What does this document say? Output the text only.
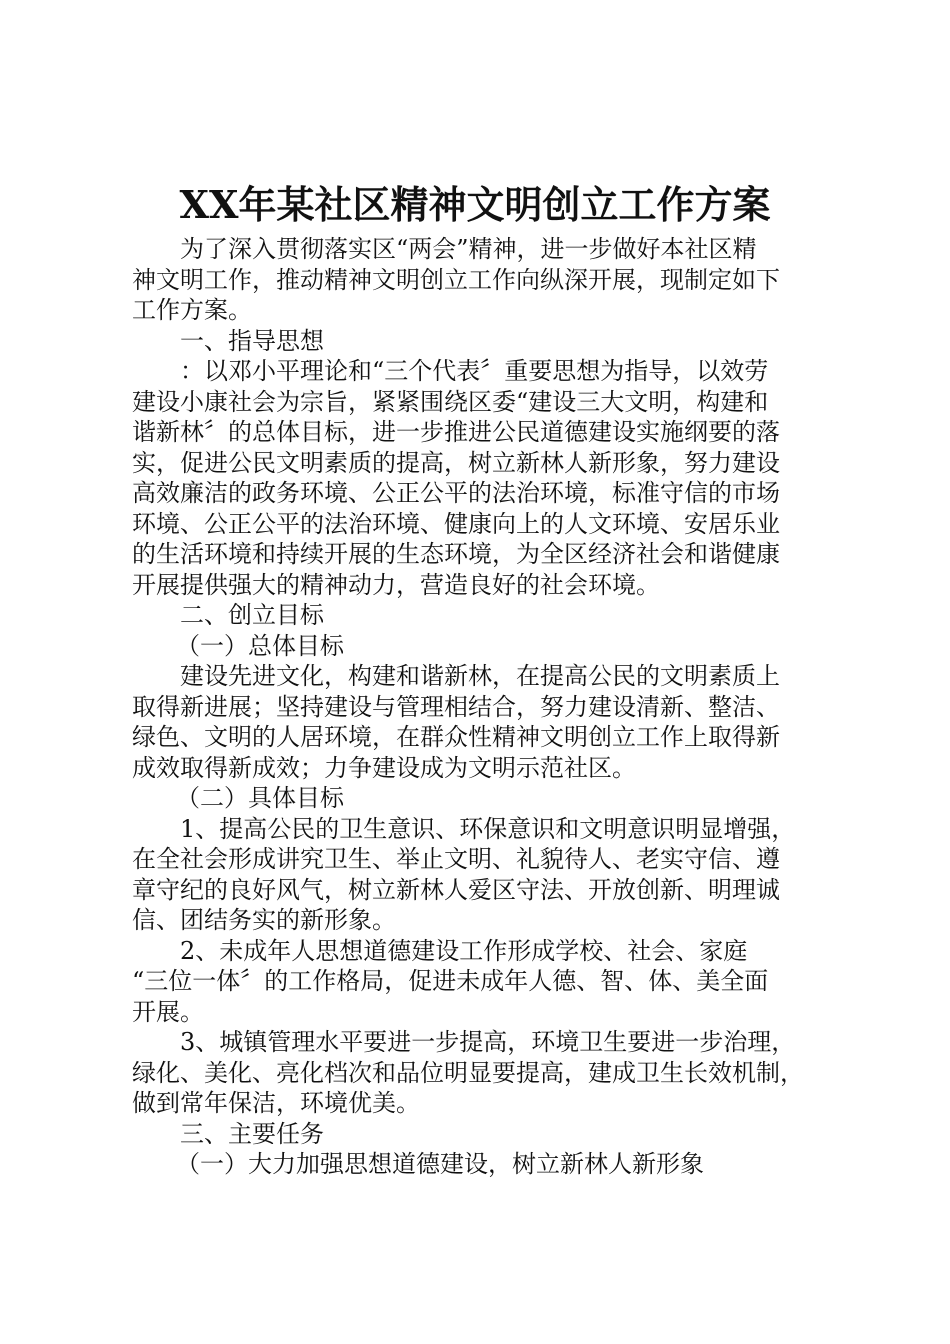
XX年某社区精神文明创立工作方案
为了深入贯彻落实区“两会”精神，进一步做好本社区精
神文明工作，推动精神文明创立工作向纵深开展，现制定如下
工作方案。
一、指导思想
：以邓小平理论和“三个代表〞重要思想为指导，以效劳
建设小康社会为宗旨，紧紧围绕区委“建设三大文明，构建和
谐新林〞的总体目标，进一步推进公民道德建设实施纲要的落
实，促进公民文明素质的提高，树立新林人新形象，努力建设
高效廉洁的政务环境、公正公平的法治环境，标准守信的市场
环境、公正公平的法治环境、健康向上的人文环境、安居乐业
的生活环境和持续开展的生态环境，为全区经济社会和谐健康
开展提供强大的精神动力，营造良好的社会环境。
二、创立目标
（一）总体目标
建设先进文化，构建和谐新林，在提高公民的文明素质上
取得新进展；坚持建设与管理相结合，努力建设清新、整洁、
绿色、文明的人居环境，在群众性精神文明创立工作上取得新
成效取得新成效；力争建设成为文明示范社区。
（二）具体目标
1、提高公民的卫生意识、环保意识和文明意识明显增强，
在全社会形成讲究卫生、举止文明、礼貌待人、老实守信、遵
章守纪的良好风气，树立新林人爱区守法、开放创新、明理诚
信、团结务实的新形象。
2、未成年人思想道德建设工作形成学校、社会、家庭
“三位一体〞的工作格局，促进未成年人德、智、体、美全面
开展。
3、城镇管理水平要进一步提高，环境卫生要进一步治理，
绿化、美化、亮化档次和品位明显要提高，建成卫生长效机制，
做到常年保洁，环境优美。
三、主要任务
（一）大力加强思想道德建设，树立新林人新形象
